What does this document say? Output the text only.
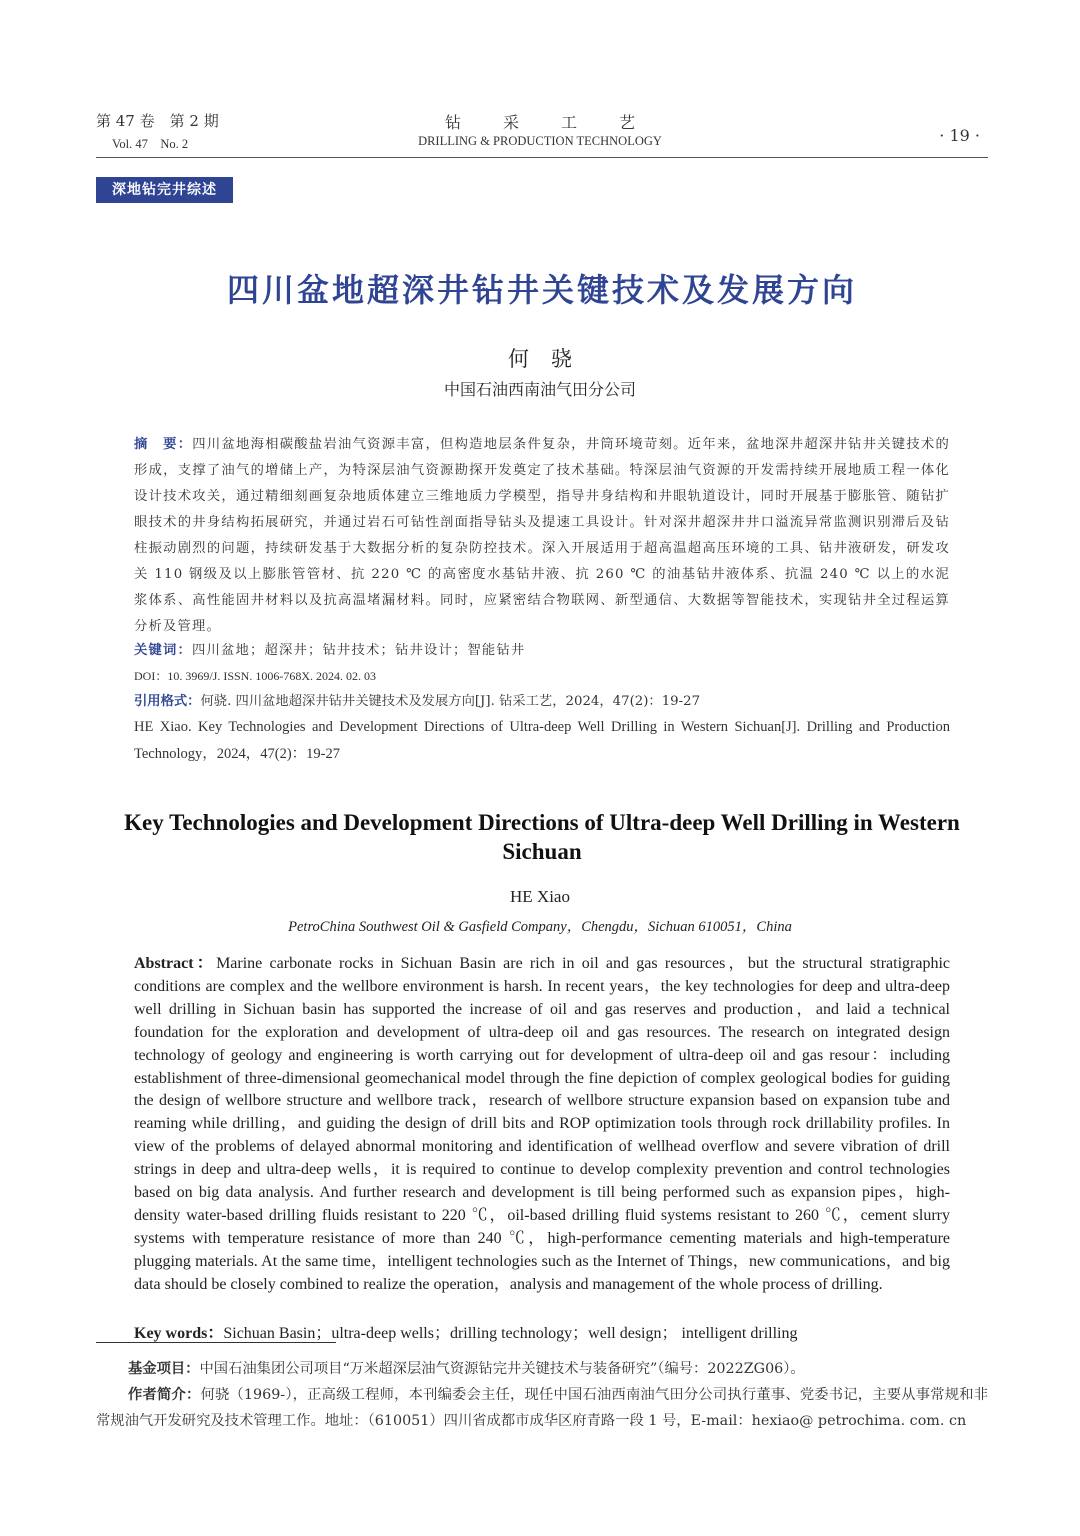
第 47 卷　第 2 期
Vol. 47　No. 2
钻采工艺
DRILLING & PRODUCTION TECHNOLOGY	· 19 ·
深地钻完井综述
四川盆地超深井钻井关键技术及发展方向
何骁
中国石油西南油气田分公司
摘　要：四川盆地海相碳酸盐岩油气资源丰富，但构造地层条件复杂，井筒环境苛刻。近年来，盆地深井超深井钻井关键技术的形成，支撑了油气的增储上产，为特深层油气资源勘探开发奠定了技术基础。特深层油气资源的开发需持续开展地质工程一体化设计技术攻关，通过精细刻画复杂地质体建立三维地质力学模型，指导井身结构和井眼轨道设计，同时开展基于膨胀管、随钻扩眼技术的井身结构拓展研究，并通过岩石可钻性剖面指导钻头及提速工具设计。针对深井超深井井口溢流异常监测识别滞后及钻柱振动剧烈的问题，持续研发基于大数据分析的复杂防控技术。深入开展适用于超高温超高压环境的工具、钻井液研发，研发攻关 110 钢级及以上膨胀管管材、抗 220 ℃ 的高密度水基钻井液、抗 260 ℃ 的油基钻井液体系、抗温 240 ℃ 以上的水泥浆体系、高性能固井材料以及抗高温堵漏材料。同时，应紧密结合物联网、新型通信、大数据等智能技术，实现钻井全过程运算分析及管理。
关键词：四川盆地；超深井；钻井技术；钻井设计；智能钻井
DOI：10. 3969/J. ISSN. 1006-768X. 2024. 02. 03
引用格式：何骁. 四川盆地超深井钻井关键技术及发展方向[J]. 钻采工艺，2024，47(2)：19-27
HE Xiao. Key Technologies and Development Directions of Ultra-deep Well Drilling in Western Sichuan[J]. Drilling and Production Technology，2024，47(2)：19-27
Key Technologies and Development Directions of Ultra-deep Well Drilling in Western Sichuan
HE Xiao
PetroChina Southwest Oil & Gasfield Company，Chengdu，Sichuan 610051，China
Abstract：Marine carbonate rocks in Sichuan Basin are rich in oil and gas resources，but the structural stratigraphic conditions are complex and the wellbore environment is harsh. In recent years，the key technologies for deep and ultra-deep well drilling in Sichuan basin has supported the increase of oil and gas reserves and production，and laid a technical foundation for the exploration and development of ultra-deep oil and gas resources. The research on integrated design technology of geology and engineering is worth carrying out for development of ultra-deep oil and gas resour：including establishment of three-dimensional geomechanical model through the fine depiction of complex geological bodies for guiding the design of wellbore structure and wellbore track，research of wellbore structure expansion based on expansion tube and reaming while drilling，and guiding the design of drill bits and ROP optimization tools through rock drillability profiles. In view of the problems of delayed abnormal monitoring and identification of wellhead overflow and severe vibration of drill strings in deep and ultra-deep wells，it is required to continue to develop complexity prevention and control technologies based on big data analysis. And further research and development is till being performed such as expansion pipes，high-density water-based drilling fluids resistant to 220 ℃，oil-based drilling fluid systems resistant to 260 ℃，cement slurry systems with temperature resistance of more than 240 ℃，high-performance cementing materials and high-temperature plugging materials. At the same time，intelligent technologies such as the Internet of Things，new communications，and big data should be closely combined to realize the operation，analysis and management of the whole process of drilling.
Key words：Sichuan Basin；ultra-deep wells；drilling technology；well design； intelligent drilling
基金项目：中国石油集团公司项目“万米超深层油气资源钻完井关键技术与装备研究”（编号：2022ZG06）。
作者简介：何骁（1969-），正高级工程师，本刊编委会主任，现任中国石油西南油气田分公司执行董事、党委书记，主要从事常规和非常规油气开发研究及技术管理工作。地址：（610051）四川省成都市成华区府青路一段 1 号，E-mail：hexiao@ petrochima. com. cn
